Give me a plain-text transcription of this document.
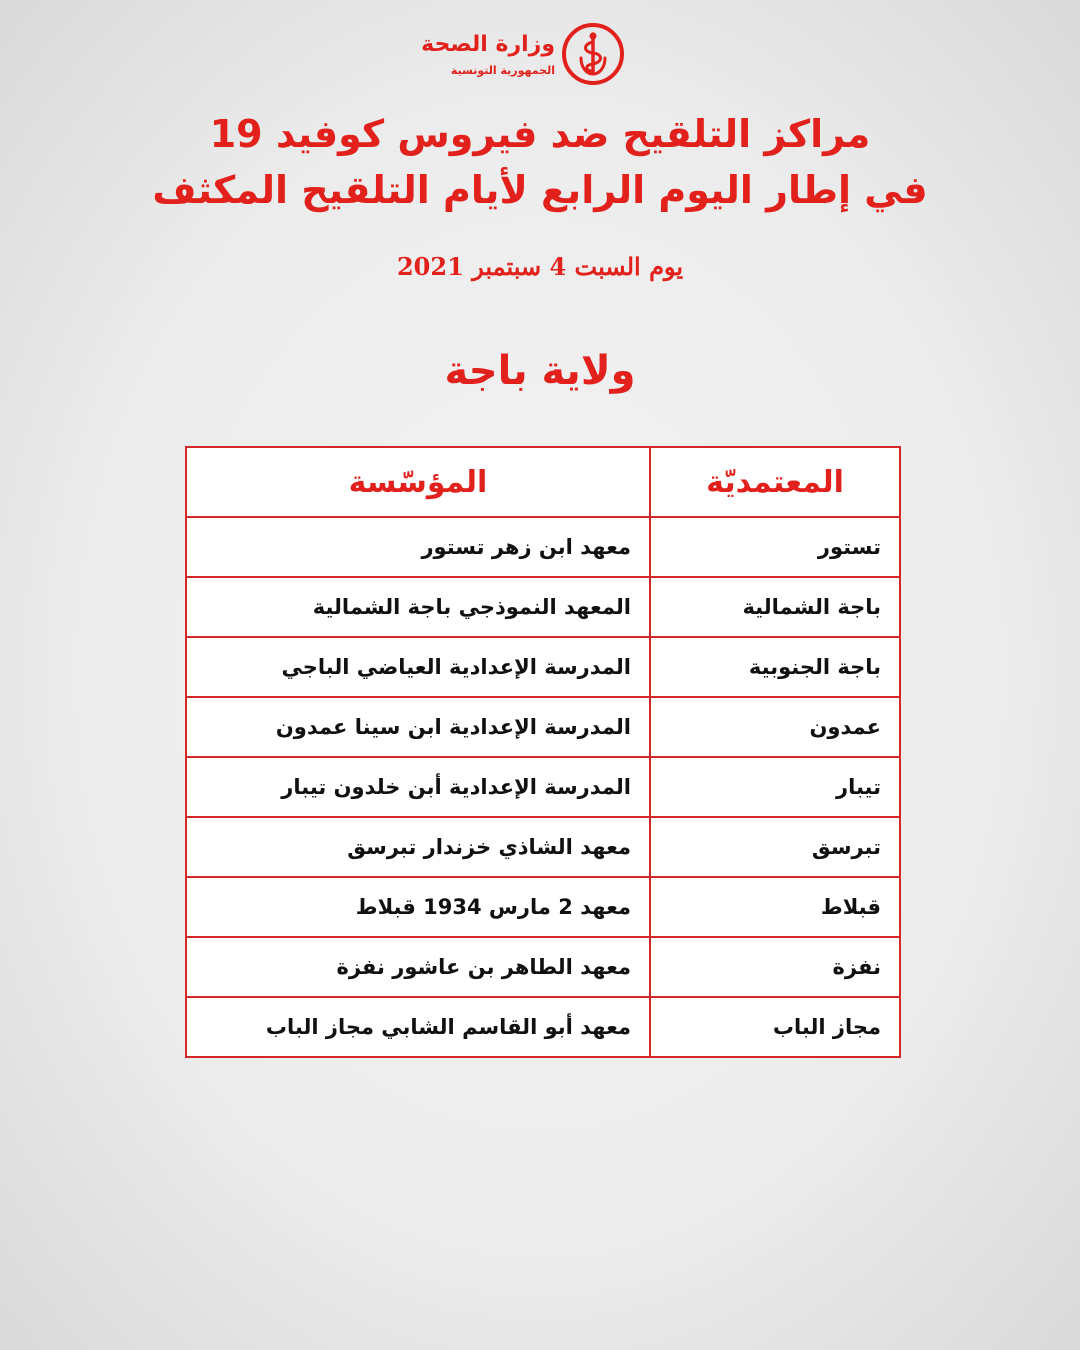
وزارة الصحة
الجمهورية التونسية
مراكز التلقيح ضد فيروس كوفيد 19
في إطار اليوم الرابع لأيام التلقيح المكثف
يوم السبت 4 سبتمبر 2021
ولاية باجة
المعتمديّة	المؤسّسة
تستور	معهد ابن زهر تستور
باجة الشمالية	المعهد النموذجي باجة الشمالية
باجة الجنوبية	المدرسة الإعدادية العياضي الباجي
عمدون	المدرسة الإعدادية ابن سينا عمدون
تيبار	المدرسة الإعدادية أبن خلدون تيبار
تبرسق	معهد الشاذي خزندار تبرسق
قبلاط	معهد 2 مارس 1934 قبلاط
نفزة	معهد الطاهر بن عاشور نفزة
مجاز الباب	معهد أبو القاسم الشابي مجاز الباب
